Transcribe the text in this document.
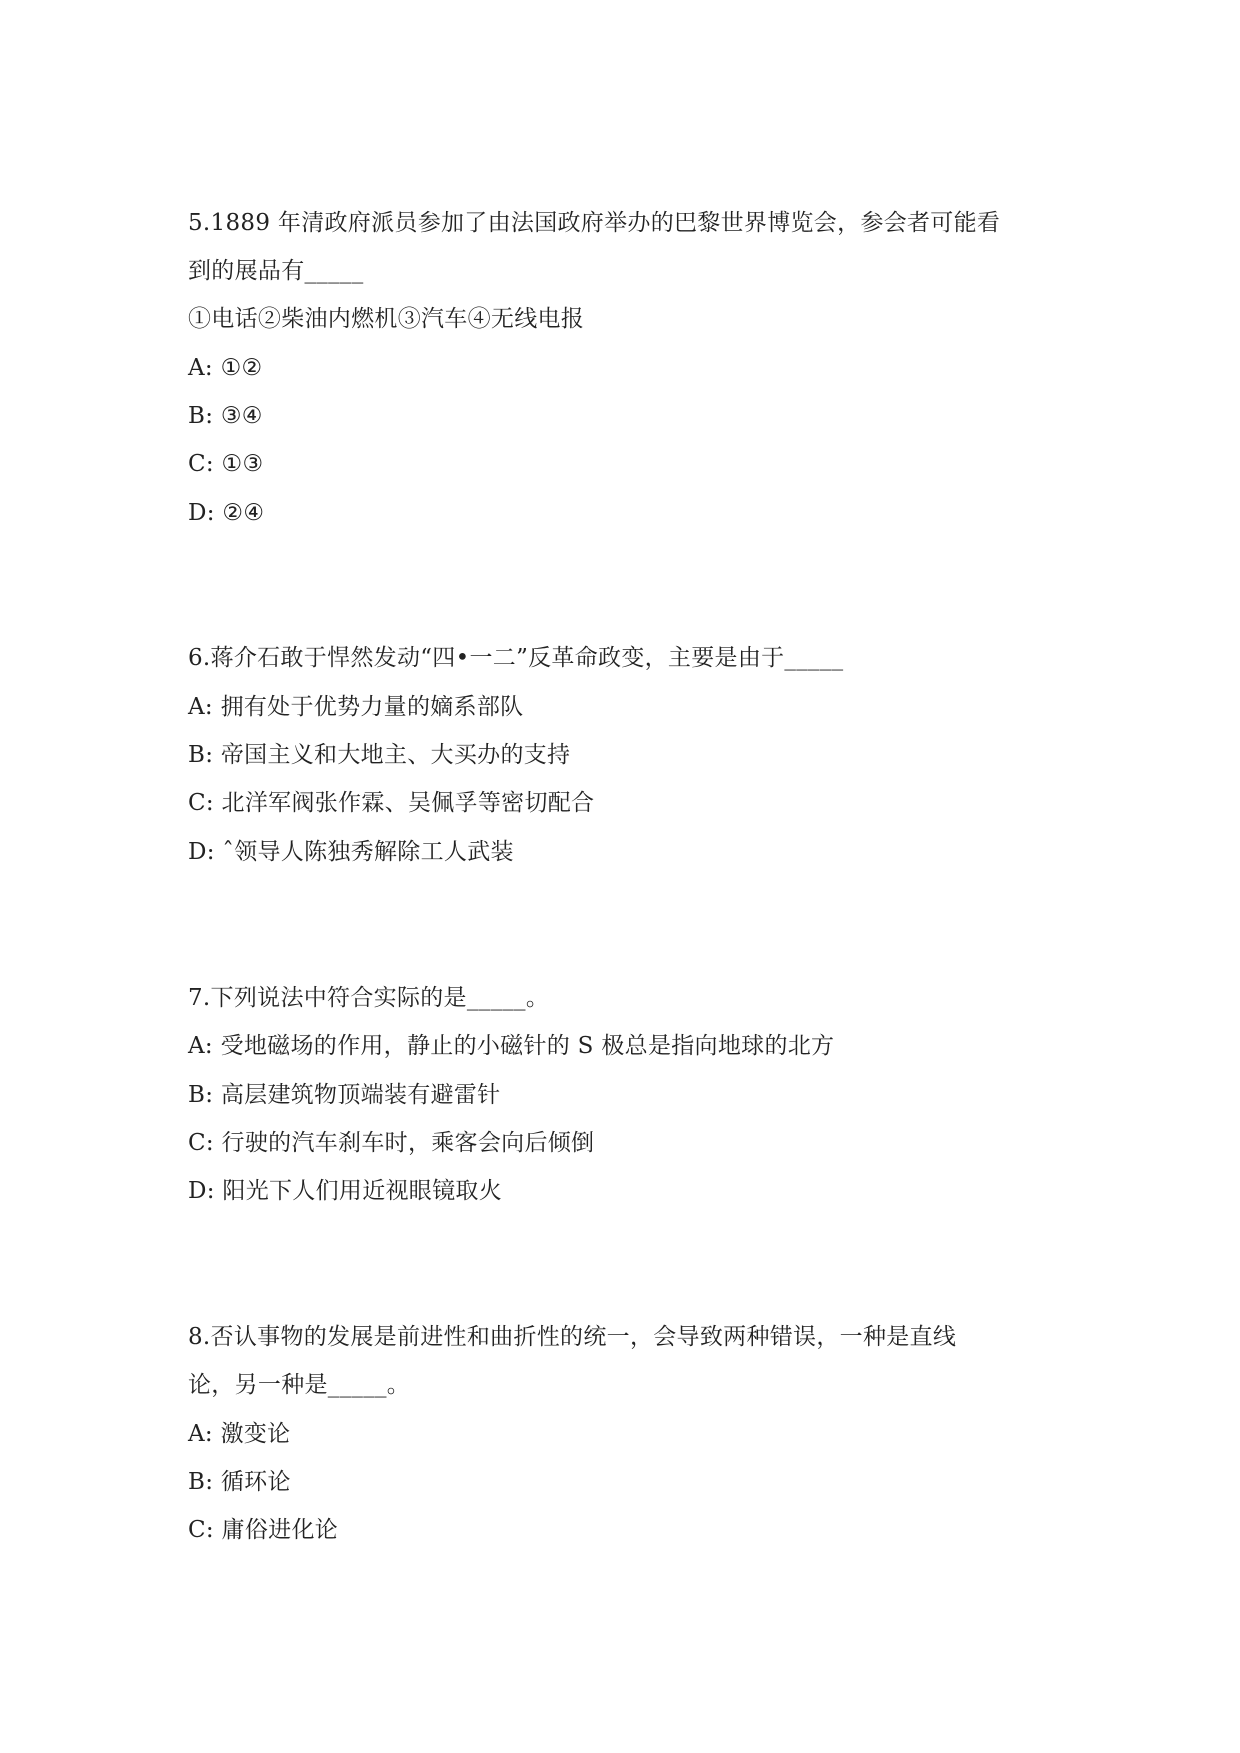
5.1889 年清政府派员参加了由法国政府举办的巴黎世界博览会，参会者可能看
到的展品有_____
①电话②柴油内燃机③汽车④无线电报
A: ①②
B: ③④
C: ①③
D: ②④
6.蒋介石敢于悍然发动“四•一二”反革命政变，主要是由于_____
A: 拥有处于优势力量的嫡系部队
B: 帝国主义和大地主、大买办的支持
C: 北洋军阀张作霖、吴佩孚等密切配合
D: ˆ领导人陈独秀解除工人武装
7.下列说法中符合实际的是_____。
A: 受地磁场的作用，静止的小磁针的 S 极总是指向地球的北方
B: 高层建筑物顶端装有避雷针
C: 行驶的汽车刹车时，乘客会向后倾倒
D: 阳光下人们用近视眼镜取火
8.否认事物的发展是前进性和曲折性的统一，会导致两种错误，一种是直线
论，另一种是_____。
A: 激变论
B: 循环论
C: 庸俗进化论
